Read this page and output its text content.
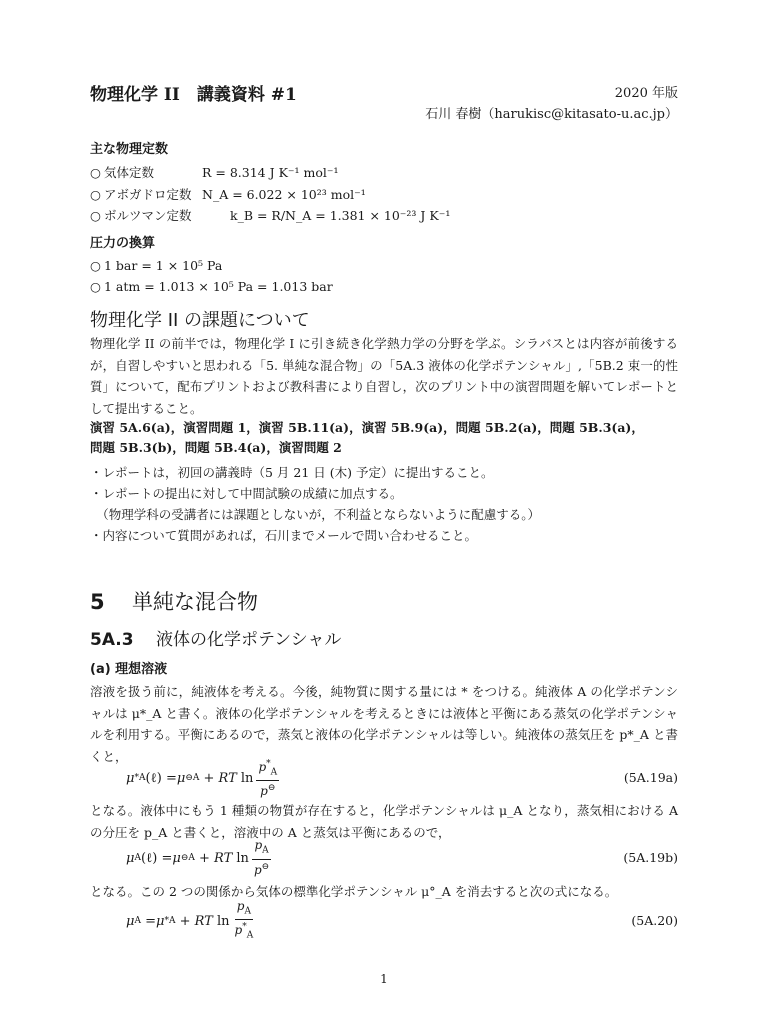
物理化学 II　講義資料 #1	2020 年版
石川 春樹（harukisc@kitasato-u.ac.jp）
主な物理定数
○ 気体定数	R = 8.314 J K⁻¹ mol⁻¹
○ アボガドロ定数 N_A = 6.022 × 10²³ mol⁻¹
○ ボルツマン定数	k_B = R/N_A = 1.381 × 10⁻²³ J K⁻¹
圧力の換算
○ 1 bar = 1 × 10⁵ Pa
○ 1 atm = 1.013 × 10⁵ Pa = 1.013 bar
物理化学 II の課題について
物理化学 II の前半では，物理化学 I に引き続き化学熱力学の分野を学ぶ。シラバスとは内容が前後するが，自習しやすいと思われる「5. 単純な混合物」の「5A.3 液体の化学ポテンシャル」,「5B.2 束一的性質」について，配布プリントおよび教科書により自習し，次のプリント中の演習問題を解いてレポートとして提出すること。
演習 5A.6(a)，演習問題 1，演習 5B.11(a)，演習 5B.9(a)，問題 5B.2(a)，問題 5B.3(a)，
問題 5B.3(b)，問題 5B.4(a)，演習問題 2
・レポートは，初回の講義時（5 月 21 日 (木) 予定）に提出すること。
・レポートの提出に対して中間試験の成績に加点する。
　（物理学科の受講者には課題としないが，不利益とならないように配慮する。）
・内容について質問があれば，石川までメールで問い合わせること。
5 単純な混合物
5A.3 液体の化学ポテンシャル
(a) 理想溶液
溶液を扱う前に，純液体を考える。今後，純物質に関する量には * をつける。純液体 A の化学ポテンシャルは μ*_A と書く。液体の化学ポテンシャルを考えるときには液体と平衡にある蒸気の化学ポテンシャルを利用する。平衡にあるので，蒸気と液体の化学ポテンシャルは等しい。純液体の蒸気圧を p*_A と書くと，
μ * A (ℓ) = μ ⊖ A + RT $\ln \frac{p^*_A}{p^⊖}$	(5A.19a)
となる。液体中にもう 1 種類の物質が存在すると，化学ポテンシャルは μ_A となり，蒸気相における A の分圧を p_A と書くと，溶液中の A と蒸気は平衡にあるので，
μ A (ℓ) = μ ⊖ A + RT $\ln \frac{p_A}{p^⊖}$	(5A.19b)
となる。この 2 つの関係から気体の標準化学ポテンシャル μ°_A を消去すると次の式になる。
μ A = μ * A + RT $\ln \frac{p_A}{p^*_A}$	(5A.20)
1
